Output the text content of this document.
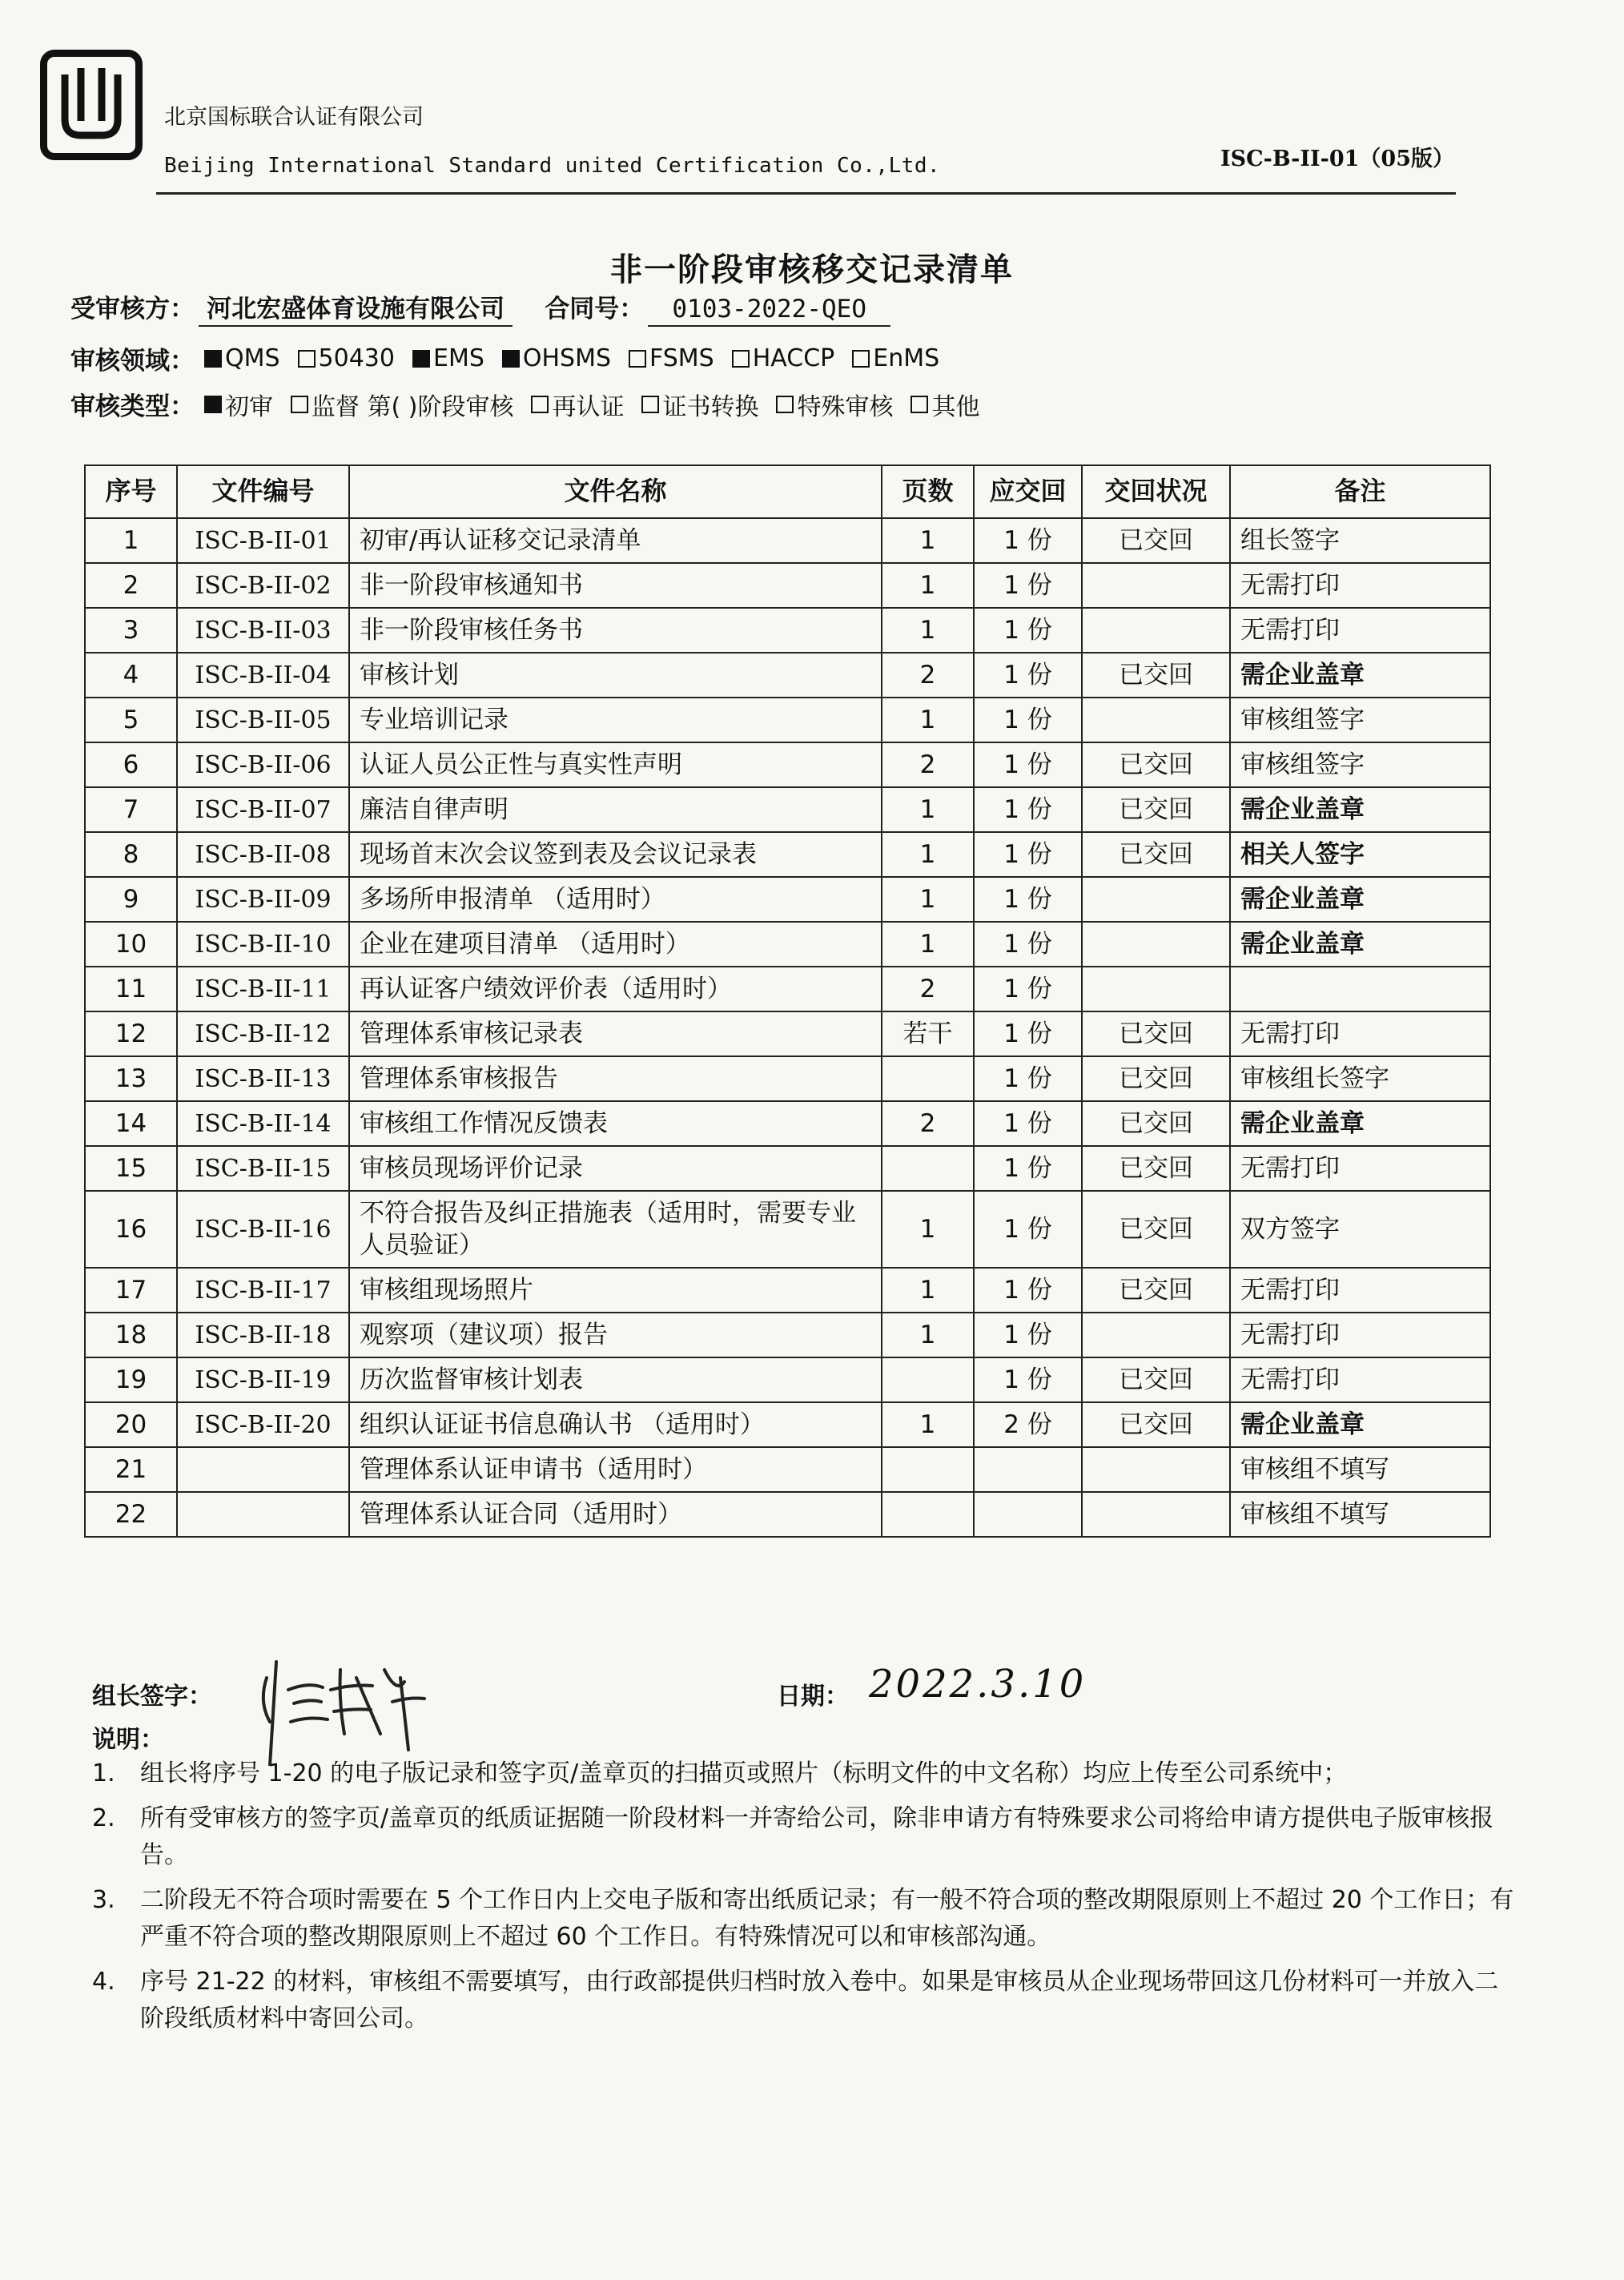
北京国标联合认证有限公司
Beijing International Standard united Certification Co.,Ltd.	ISC-B-II-01（05版）
非一阶段审核移交记录清单
受审核方： 河北宏盛体育设施有限公司 合同号： 0103-2022-QEO
审核领域： QMS 50430 EMS OHSMS FSMS HACCP EnMS
审核类型： 初审 监督 第( )阶段审核 再认证 证书转换 特殊审核 其他
序号	文件编号	文件名称	页数	应交回	交回状况	备注
1	ISC-B-II-01	初审/再认证移交记录清单	1	1 份	已交回	组长签字
2	ISC-B-II-02	非一阶段审核通知书	1	1 份		无需打印
3	ISC-B-II-03	非一阶段审核任务书	1	1 份		无需打印
4	ISC-B-II-04	审核计划	2	1 份	已交回	需企业盖章
5	ISC-B-II-05	专业培训记录	1	1 份		审核组签字
6	ISC-B-II-06	认证人员公正性与真实性声明	2	1 份	已交回	审核组签字
7	ISC-B-II-07	廉洁自律声明	1	1 份	已交回	需企业盖章
8	ISC-B-II-08	现场首末次会议签到表及会议记录表	1	1 份	已交回	相关人签字
9	ISC-B-II-09	多场所申报清单 （适用时）	1	1 份		需企业盖章
10	ISC-B-II-10	企业在建项目清单 （适用时）	1	1 份		需企业盖章
11	ISC-B-II-11	再认证客户绩效评价表（适用时）	2	1 份		
12	ISC-B-II-12	管理体系审核记录表	若干	1 份	已交回	无需打印
13	ISC-B-II-13	管理体系审核报告		1 份	已交回	审核组长签字
14	ISC-B-II-14	审核组工作情况反馈表	2	1 份	已交回	需企业盖章
15	ISC-B-II-15	审核员现场评价记录		1 份	已交回	无需打印
16	ISC-B-II-16	不符合报告及纠正措施表（适用时，需要专业人员验证）	1	1 份	已交回	双方签字
17	ISC-B-II-17	审核组现场照片	1	1 份	已交回	无需打印
18	ISC-B-II-18	观察项（建议项）报告	1	1 份		无需打印
19	ISC-B-II-19	历次监督审核计划表		1 份	已交回	无需打印
20	ISC-B-II-20	组织认证证书信息确认书 （适用时）	1	2 份	已交回	需企业盖章
21		管理体系认证申请书（适用时）				审核组不填写
22		管理体系认证合同（适用时）				审核组不填写
组长签字：	日期： 2022.3.10
说明：
1.	组长将序号 1-20 的电子版记录和签字页/盖章页的扫描页或照片（标明文件的中文名称）均应上传至公司系统中；
2.	所有受审核方的签字页/盖章页的纸质证据随一阶段材料一并寄给公司，除非申请方有特殊要求公司将给申请方提供电子版审核报告。
3.	二阶段无不符合项时需要在 5 个工作日内上交电子版和寄出纸质记录；有一般不符合项的整改期限原则上不超过 20 个工作日；有严重不符合项的整改期限原则上不超过 60 个工作日。有特殊情况可以和审核部沟通。
4.	序号 21-22 的材料，审核组不需要填写，由行政部提供归档时放入卷中。如果是审核员从企业现场带回这几份材料可一并放入二阶段纸质材料中寄回公司。
